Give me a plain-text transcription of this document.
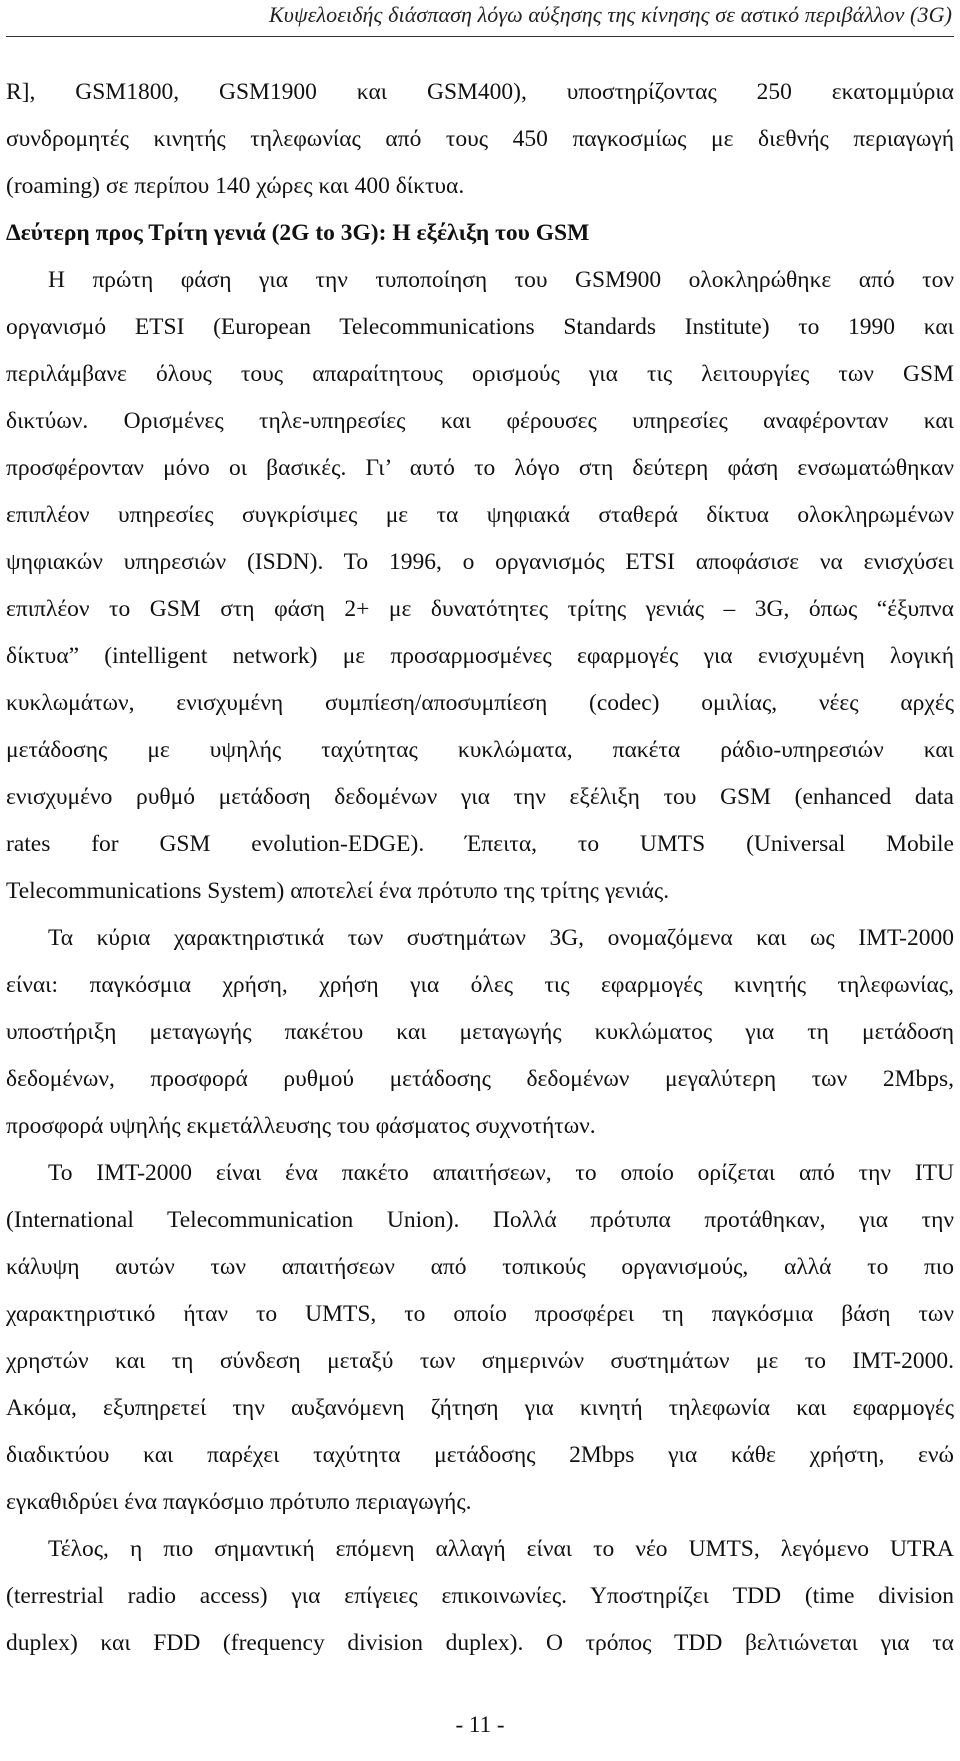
Κυψελοειδής διάσπαση λόγω αύξησης της κίνησης σε αστικό περιβάλλον (3G)
R], GSM1800, GSM1900 και GSM400), υποστηρίζοντας 250 εκατομμύρια
συνδρομητές κινητής τηλεφωνίας από τους 450 παγκοσμίως με διεθνής περιαγωγή
(roaming) σε περίπου 140 χώρες και 400 δίκτυα.
Δεύτερη προς Τρίτη γενιά (2G to 3G): Η εξέλιξη του GSM
Η πρώτη φάση για την τυποποίηση του GSM900 ολοκληρώθηκε από τον
οργανισμό ETSI (European Telecommunications Standards Institute) το 1990 και
περιλάμβανε όλους τους απαραίτητους ορισμούς για τις λειτουργίες των GSM
δικτύων. Ορισμένες τηλε-υπηρεσίες και φέρουσες υπηρεσίες αναφέρονταν και
προσφέρονταν μόνο οι βασικές. Γι’ αυτό το λόγο στη δεύτερη φάση ενσωματώθηκαν
επιπλέον υπηρεσίες συγκρίσιμες με τα ψηφιακά σταθερά δίκτυα ολοκληρωμένων
ψηφιακών υπηρεσιών (ISDN). Το 1996, ο οργανισμός ETSI αποφάσισε να ενισχύσει
επιπλέον το GSM στη φάση 2+ με δυνατότητες τρίτης γενιάς – 3G, όπως “έξυπνα
δίκτυα” (intelligent network) με προσαρμοσμένες εφαρμογές για ενισχυμένη λογική
κυκλωμάτων, ενισχυμένη συμπίεση/αποσυμπίεση (codec) ομιλίας, νέες αρχές
μετάδοσης με υψηλής ταχύτητας κυκλώματα, πακέτα ράδιο-υπηρεσιών και
ενισχυμένο ρυθμό μετάδοση δεδομένων για την εξέλιξη του GSM (enhanced data
rates for GSM evolution-EDGE). Έπειτα, το UMTS (Universal Mobile
Telecommunications System) αποτελεί ένα πρότυπο της τρίτης γενιάς.
Τα κύρια χαρακτηριστικά των συστημάτων 3G, ονομαζόμενα και ως IMT-2000
είναι: παγκόσμια χρήση, χρήση για όλες τις εφαρμογές κινητής τηλεφωνίας,
υποστήριξη μεταγωγής πακέτου και μεταγωγής κυκλώματος για τη μετάδοση
δεδομένων, προσφορά ρυθμού μετάδοσης δεδομένων μεγαλύτερη των 2Mbps,
προσφορά υψηλής εκμετάλλευσης του φάσματος συχνοτήτων.
Το IMT-2000 είναι ένα πακέτο απαιτήσεων, το οποίο ορίζεται από την ITU
(International Telecommunication Union). Πολλά πρότυπα προτάθηκαν, για την
κάλυψη αυτών των απαιτήσεων από τοπικούς οργανισμούς, αλλά το πιο
χαρακτηριστικό ήταν το UMTS, το οποίο προσφέρει τη παγκόσμια βάση των
χρηστών και τη σύνδεση μεταξύ των σημερινών συστημάτων με το IMT-2000.
Ακόμα, εξυπηρετεί την αυξανόμενη ζήτηση για κινητή τηλεφωνία και εφαρμογές
διαδικτύου και παρέχει ταχύτητα μετάδοσης 2Mbps για κάθε χρήστη, ενώ
εγκαθιδρύει ένα παγκόσμιο πρότυπο περιαγωγής.
Τέλος, η πιο σημαντική επόμενη αλλαγή είναι το νέο UMTS, λεγόμενο UTRA
(terrestrial radio access) για επίγειες επικοινωνίες. Υποστηρίζει TDD (time division
duplex) και FDD (frequency division duplex). Ο τρόπος TDD βελτιώνεται για τα
- 11 -
